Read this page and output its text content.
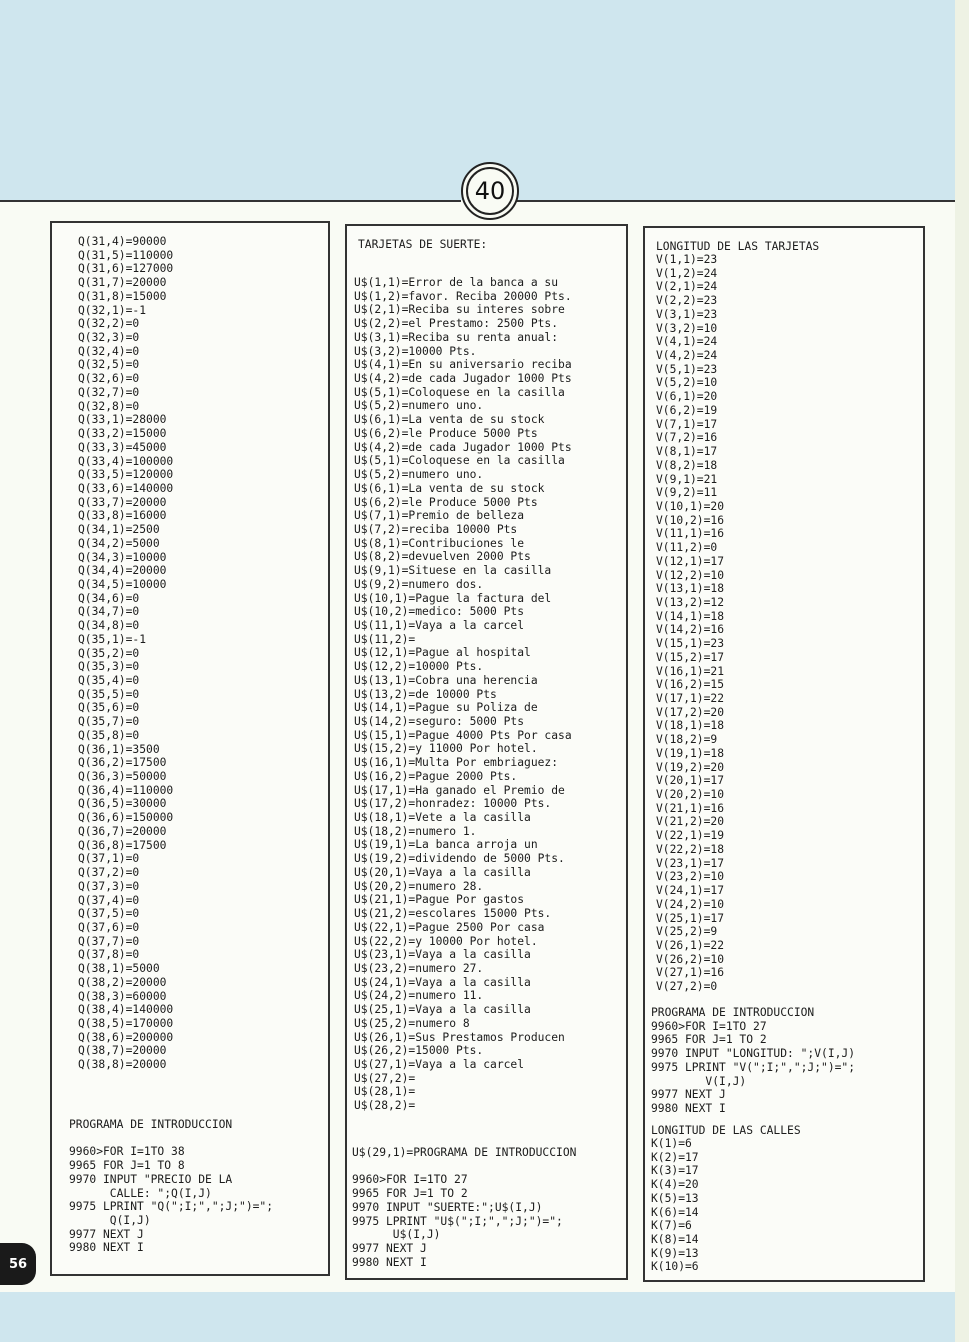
40
Q(31,4)=90000
Q(31,5)=110000
Q(31,6)=127000
Q(31,7)=20000
Q(31,8)=15000
Q(32,1)=-1
Q(32,2)=0
Q(32,3)=0
Q(32,4)=0
Q(32,5)=0
Q(32,6)=0
Q(32,7)=0
Q(32,8)=0
Q(33,1)=28000
Q(33,2)=15000
Q(33,3)=45000
Q(33,4)=100000
Q(33,5)=120000
Q(33,6)=140000
Q(33,7)=20000
Q(33,8)=16000
Q(34,1)=2500
Q(34,2)=5000
Q(34,3)=10000
Q(34,4)=20000
Q(34,5)=10000
Q(34,6)=0
Q(34,7)=0
Q(34,8)=0
Q(35,1)=-1
Q(35,2)=0
Q(35,3)=0
Q(35,4)=0
Q(35,5)=0
Q(35,6)=0
Q(35,7)=0
Q(35,8)=0
Q(36,1)=3500
Q(36,2)=17500
Q(36,3)=50000
Q(36,4)=110000
Q(36,5)=30000
Q(36,6)=150000
Q(36,7)=20000
Q(36,8)=17500
Q(37,1)=0
Q(37,2)=0
Q(37,3)=0
Q(37,4)=0
Q(37,5)=0
Q(37,6)=0
Q(37,7)=0
Q(37,8)=0
Q(38,1)=5000
Q(38,2)=20000
Q(38,3)=60000
Q(38,4)=140000
Q(38,5)=170000
Q(38,6)=200000
Q(38,7)=20000
Q(38,8)=20000
PROGRAMA DE INTRODUCCION

9960>FOR I=1TO 38
9965 FOR J=1 TO 8
9970 INPUT "PRECIO DE LA
CALLE: ";Q(I,J)
9975 LPRINT "Q(";I;",";J;")=";
Q(I,J)
9977 NEXT J
9980 NEXT I
TARJETAS DE SUERTE:
U$(1,1)=Error de la banca a su
U$(1,2)=favor. Reciba 20000 Pts.
U$(2,1)=Reciba su interes sobre
U$(2,2)=el Prestamo: 2500 Pts.
U$(3,1)=Reciba su renta anual:
U$(3,2)=10000 Pts.
U$(4,1)=En su aniversario reciba
U$(4,2)=de cada Jugador 1000 Pts
U$(5,1)=Coloquese en la casilla
U$(5,2)=numero uno.
U$(6,1)=La venta de su stock
U$(6,2)=le Produce 5000 Pts
U$(4,2)=de cada Jugador 1000 Pts
U$(5,1)=Coloquese en la casilla
U$(5,2)=numero uno.
U$(6,1)=La venta de su stock
U$(6,2)=le Produce 5000 Pts
U$(7,1)=Premio de belleza
U$(7,2)=reciba 10000 Pts
U$(8,1)=Contribuciones le
U$(8,2)=devuelven 2000 Pts
U$(9,1)=Situese en la casilla
U$(9,2)=numero dos.
U$(10,1)=Pague la factura del
U$(10,2)=medico: 5000 Pts
U$(11,1)=Vaya a la carcel
U$(11,2)=
U$(12,1)=Pague al hospital
U$(12,2)=10000 Pts.
U$(13,1)=Cobra una herencia
U$(13,2)=de 10000 Pts
U$(14,1)=Pague su Poliza de
U$(14,2)=seguro: 5000 Pts
U$(15,1)=Pague 4000 Pts Por casa
U$(15,2)=y 11000 Por hotel.
U$(16,1)=Multa Por embriaguez:
U$(16,2)=Pague 2000 Pts.
U$(17,1)=Ha ganado el Premio de
U$(17,2)=honradez: 10000 Pts.
U$(18,1)=Vete a la casilla
U$(18,2)=numero 1.
U$(19,1)=La banca arroja un
U$(19,2)=dividendo de 5000 Pts.
U$(20,1)=Vaya a la casilla
U$(20,2)=numero 28.
U$(21,1)=Pague Por gastos
U$(21,2)=escolares 15000 Pts.
U$(22,1)=Pague 2500 Por casa
U$(22,2)=y 10000 Por hotel.
U$(23,1)=Vaya a la casilla
U$(23,2)=numero 27.
U$(24,1)=Vaya a la casilla
U$(24,2)=numero 11.
U$(25,1)=Vaya a la casilla
U$(25,2)=numero 8
U$(26,1)=Sus Prestamos Producen
U$(26,2)=15000 Pts.
U$(27,1)=Vaya a la carcel
U$(27,2)=
U$(28,1)=
U$(28,2)=
U$(29,1)=PROGRAMA DE INTRODUCCION

9960>FOR I=1TO 27
9965 FOR J=1 TO 2
9970 INPUT "SUERTE:";U$(I,J)
9975 LPRINT "U$(";I;",";J;")=";
U$(I,J)
9977 NEXT J
9980 NEXT I
LONGITUD DE LAS TARJETAS
V(1,1)=23
V(1,2)=24
V(2,1)=24
V(2,2)=23
V(3,1)=23
V(3,2)=10
V(4,1)=24
V(4,2)=24
V(5,1)=23
V(5,2)=10
V(6,1)=20
V(6,2)=19
V(7,1)=17
V(7,2)=16
V(8,1)=17
V(8,2)=18
V(9,1)=21
V(9,2)=11
V(10,1)=20
V(10,2)=16
V(11,1)=16
V(11,2)=0
V(12,1)=17
V(12,2)=10
V(13,1)=18
V(13,2)=12
V(14,1)=18
V(14,2)=16
V(15,1)=23
V(15,2)=17
V(16,1)=21
V(16,2)=15
V(17,1)=22
V(17,2)=20
V(18,1)=18
V(18,2)=9
V(19,1)=18
V(19,2)=20
V(20,1)=17
V(20,2)=10
V(21,1)=16
V(21,2)=20
V(22,1)=19
V(22,2)=18
V(23,1)=17
V(23,2)=10
V(24,1)=17
V(24,2)=10
V(25,1)=17
V(25,2)=9
V(26,1)=22
V(26,2)=10
V(27,1)=16
V(27,2)=0
PROGRAMA DE INTRODUCCION
9960>FOR I=1TO 27
9965 FOR J=1 TO 2
9970 INPUT "LONGITUD: ";V(I,J)
9975 LPRINT "V(";I;",";J;")=";
V(I,J)
9977 NEXT J
9980 NEXT I
LONGITUD DE LAS CALLES
K(1)=6
K(2)=17
K(3)=17
K(4)=20
K(5)=13
K(6)=14
K(7)=6
K(8)=14
K(9)=13
K(10)=6
56
